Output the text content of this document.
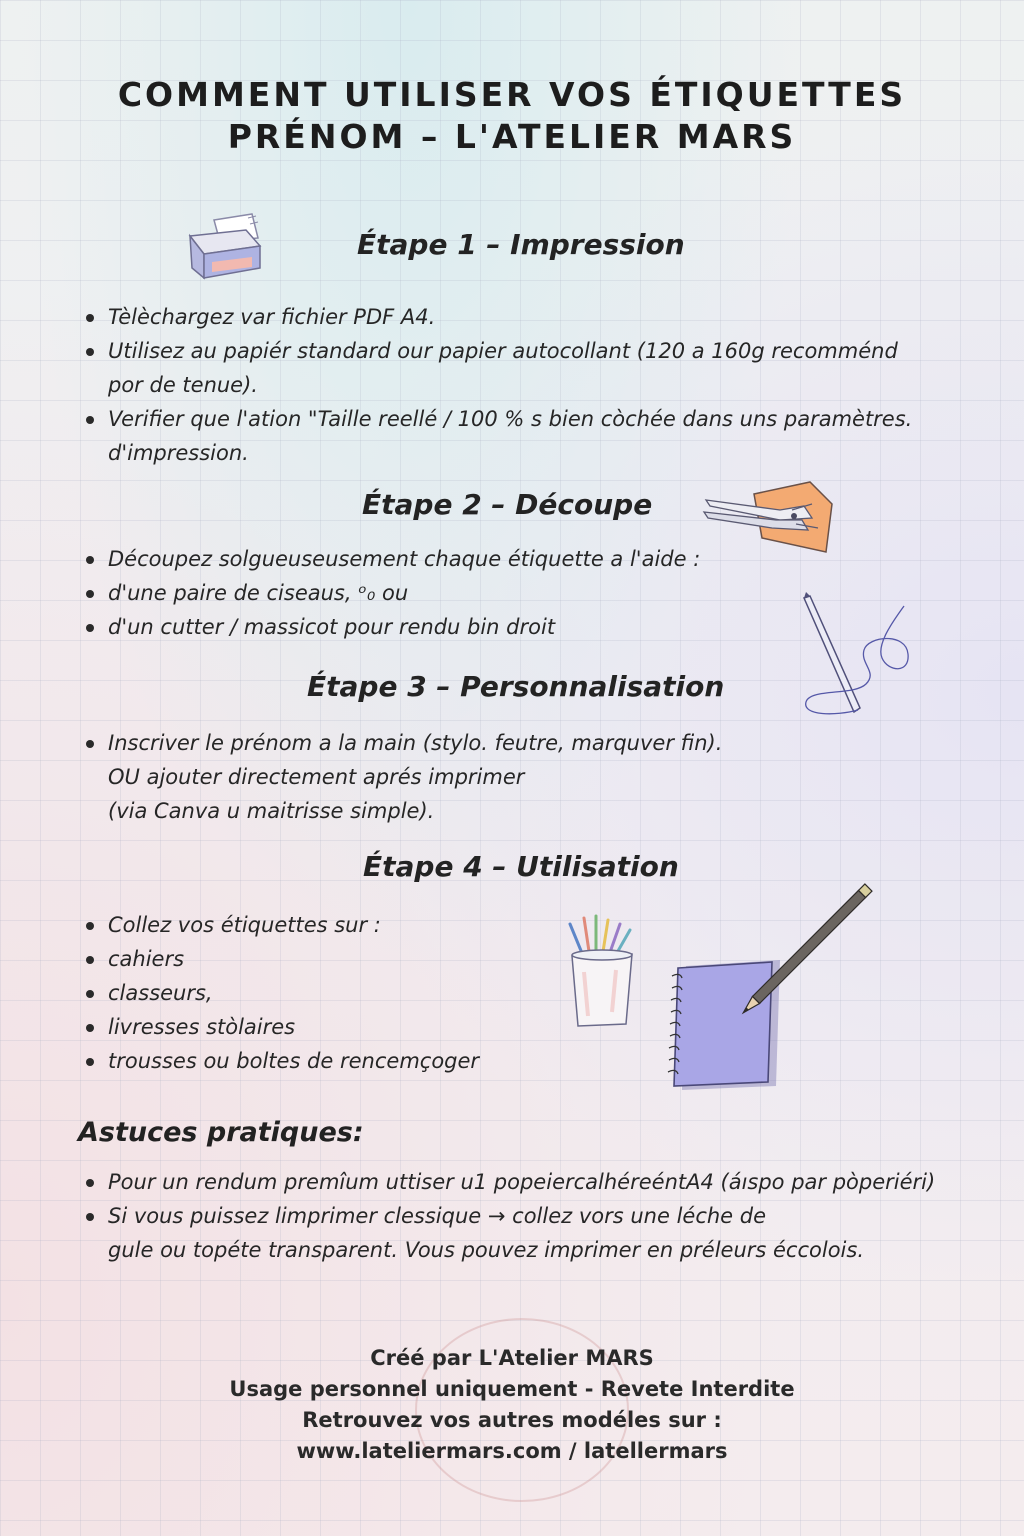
COMMENT UTILISER VOS ÉTIQUETTES
PRÉNOM – L'ATELIER MARS
Étape 1 – Impression
Tèlèchargez var fichier PDF A4.
Utilisez au papiér standard our papier autocollant (120 a 160g recomménd
por de tenue).
Verifier que l'ation "Taille reellé / 100 % s bien còchée dans uns paramètres.
d'impression.
Étape 2 – Découpe
Découpez solgueuseusement chaque étiquette a l'aide :
d'une paire de ciseaus, ᵒ₀ ou
d'un cutter / massicot pour rendu bin droit
Étape 3 – Personnalisation
Inscriver le prénom a la main (stylo. feutre, marquver fin).
OU ajouter directement aprés imprimer
(via Canva u maitrisse simple).
Étape 4 – Utilisation
Collez vos étiquettes sur :
cahiers
classeurs,
livresses stòlaires
trousses ou boltes de rencemçoger
Astuces pratiques:
Pour un rendum premîum uttiser u1 popeiercalhéreéntA4 (áıspo par pòperiéri)
Si vous puissez limprimer clessique → collez vors une léche de
gule ou topéte transparent. Vous pouvez imprimer en préleurs éccolois.
Créé par L'Atelier MARS
Usage personnel uniquement - Revete Interdite
Retrouvez vos autres modéles sur :
www.lateliermars.com / latellermars
